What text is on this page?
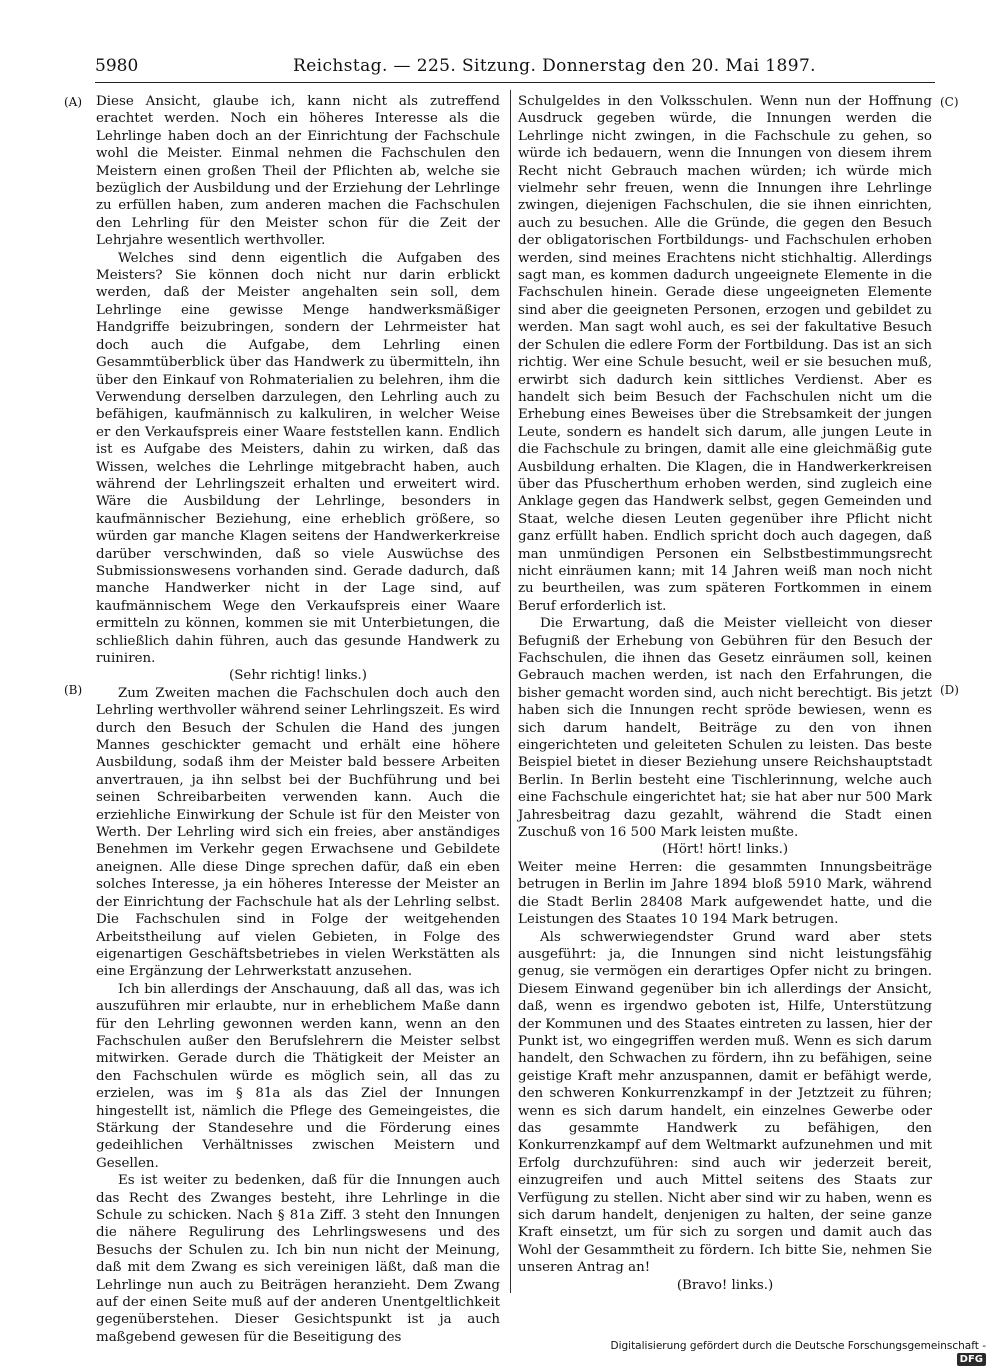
5980	Reichstag. — 225. Sitzung. Donnerstag den 20. Mai 1897.
(A)
(B)
(C)
(D)

Diese Ansicht, glaube ich, kann nicht als zutreffend erachtet werden. Noch ein höheres Interesse als die Lehrlinge haben doch an der Einrichtung der Fachschule wohl die Meister. Einmal nehmen die Fachschulen den Meistern einen großen Theil der Pflichten ab, welche sie bezüglich der Ausbildung und der Erziehung der Lehrlinge zu erfüllen haben, zum anderen machen die Fachschulen den Lehrling für den Meister schon für die Zeit der Lehrjahre wesentlich werthvoller.

Welches sind denn eigentlich die Aufgaben des Meisters? Sie können doch nicht nur darin erblickt werden, daß der Meister angehalten sein soll, dem Lehrlinge eine gewisse Menge handwerksmäßiger Handgriffe beizubringen, sondern der Lehrmeister hat doch auch die Aufgabe, dem Lehrling einen Gesammtüberblick über das Handwerk zu übermitteln, ihn über den Einkauf von Rohmaterialien zu belehren, ihm die Verwendung derselben darzulegen, den Lehrling auch zu befähigen, kaufmännisch zu kalkuliren, in welcher Weise er den Verkaufspreis einer Waare feststellen kann. Endlich ist es Aufgabe des Meisters, dahin zu wirken, daß das Wissen, welches die Lehrlinge mitgebracht haben, auch während der Lehrlingszeit erhalten und erweitert wird. Wäre die Ausbildung der Lehrlinge, besonders in kaufmännischer Beziehung, eine erheblich größere, so würden gar manche Klagen seitens der Handwerkerkreise darüber verschwinden, daß so viele Auswüchse des Submissionswesens vorhanden sind. Gerade dadurch, daß manche Handwerker nicht in der Lage sind, auf kaufmännischem Wege den Verkaufspreis einer Waare ermitteln zu können, kommen sie mit Unterbietungen, die schließlich dahin führen, auch das gesunde Handwerk zu ruiniren.

(Sehr richtig! links.)

Zum Zweiten machen die Fachschulen doch auch den Lehrling werthvoller während seiner Lehrlingszeit. Es wird durch den Besuch der Schulen die Hand des jungen Mannes geschickter gemacht und erhält eine höhere Ausbildung, sodaß ihm der Meister bald bessere Arbeiten anvertrauen, ja ihn selbst bei der Buchführung und bei seinen Schreibarbeiten verwenden kann. Auch die erziehliche Einwirkung der Schule ist für den Meister von Werth. Der Lehrling wird sich ein freies, aber anständiges Benehmen im Verkehr gegen Erwachsene und Gebildete aneignen. Alle diese Dinge sprechen dafür, daß ein eben solches Interesse, ja ein höheres Interesse der Meister an der Einrichtung der Fachschule hat als der Lehrling selbst. Die Fachschulen sind in Folge der weitgehenden Arbeitstheilung auf vielen Gebieten, in Folge des eigenartigen Geschäftsbetriebes in vielen Werkstätten als eine Ergänzung der Lehrwerkstatt anzusehen.

Ich bin allerdings der Anschauung, daß all das, was ich auszuführen mir erlaubte, nur in erheblichem Maße dann für den Lehrling gewonnen werden kann, wenn an den Fachschulen außer den Berufslehrern die Meister selbst mitwirken. Gerade durch die Thätigkeit der Meister an den Fachschulen würde es möglich sein, all das zu erzielen, was im § 81a als das Ziel der Innungen hingestellt ist, nämlich die Pflege des Gemeingeistes, die Stärkung der Standesehre und die Förderung eines gedeihlichen Verhältnisses zwischen Meistern und Gesellen.

Es ist weiter zu bedenken, daß für die Innungen auch das Recht des Zwanges besteht, ihre Lehrlinge in die Schule zu schicken. Nach § 81a Ziff. 3 steht den Innungen die nähere Regulirung des Lehrlingswesens und des Besuchs der Schulen zu. Ich bin nun nicht der Meinung, daß mit dem Zwang es sich vereinigen läßt, daß man die Lehrlinge nun auch zu Beiträgen heranzieht. Dem Zwang auf der einen Seite muß auf der anderen Unentgeltlichkeit gegenüberstehen. Dieser Gesichtspunkt ist ja auch maßgebend gewesen für die Beseitigung des

Schulgeldes in den Volksschulen. Wenn nun der Hoffnung Ausdruck gegeben würde, die Innungen werden die Lehrlinge nicht zwingen, in die Fachschule zu gehen, so würde ich bedauern, wenn die Innungen von diesem ihrem Recht nicht Gebrauch machen würden; ich würde mich vielmehr sehr freuen, wenn die Innungen ihre Lehrlinge zwingen, diejenigen Fachschulen, die sie ihnen einrichten, auch zu besuchen. Alle die Gründe, die gegen den Besuch der obligatorischen Fortbildungs- und Fachschulen erhoben werden, sind meines Erachtens nicht stichhaltig. Allerdings sagt man, es kommen dadurch ungeeignete Elemente in die Fachschulen hinein. Gerade diese ungeeigneten Elemente sind aber die geeigneten Personen, erzogen und gebildet zu werden. Man sagt wohl auch, es sei der fakultative Besuch der Schulen die edlere Form der Fortbildung. Das ist an sich richtig. Wer eine Schule besucht, weil er sie besuchen muß, erwirbt sich dadurch kein sittliches Verdienst. Aber es handelt sich beim Besuch der Fachschulen nicht um die Erhebung eines Beweises über die Strebsamkeit der jungen Leute, sondern es handelt sich darum, alle jungen Leute in die Fachschule zu bringen, damit alle eine gleichmäßig gute Ausbildung erhalten. Die Klagen, die in Handwerkerkreisen über das Pfuscherthum erhoben werden, sind zugleich eine Anklage gegen das Handwerk selbst, gegen Gemeinden und Staat, welche diesen Leuten gegenüber ihre Pflicht nicht ganz erfüllt haben. Endlich spricht doch auch dagegen, daß man unmündigen Personen ein Selbstbestimmungsrecht nicht einräumen kann; mit 14 Jahren weiß man noch nicht zu beurtheilen, was zum späteren Fortkommen in einem Beruf erforderlich ist.

Die Erwartung, daß die Meister vielleicht von dieser Befugniß der Erhebung von Gebühren für den Besuch der Fachschulen, die ihnen das Gesetz einräumen soll, keinen Gebrauch machen werden, ist nach den Erfahrungen, die bisher gemacht worden sind, auch nicht berechtigt. Bis jetzt haben sich die Innungen recht spröde bewiesen, wenn es sich darum handelt, Beiträge zu den von ihnen eingerichteten und geleiteten Schulen zu leisten. Das beste Beispiel bietet in dieser Beziehung unsere Reichshauptstadt Berlin. In Berlin besteht eine Tischlerinnung, welche auch eine Fachschule eingerichtet hat; sie hat aber nur 500 Mark Jahresbeitrag dazu gezahlt, während die Stadt einen Zuschuß von 16 500 Mark leisten mußte.

(Hört! hört! links.)

Weiter meine Herren: die gesammten Innungsbeiträge betrugen in Berlin im Jahre 1894 bloß 5910 Mark, während die Stadt Berlin 28408 Mark aufgewendet hatte, und die Leistungen des Staates 10 194 Mark betrugen.

Als schwerwiegendster Grund ward aber stets ausgeführt: ja, die Innungen sind nicht leistungsfähig genug, sie vermögen ein derartiges Opfer nicht zu bringen. Diesem Einwand gegenüber bin ich allerdings der Ansicht, daß, wenn es irgendwo geboten ist, Hilfe, Unterstützung der Kommunen und des Staates eintreten zu lassen, hier der Punkt ist, wo eingegriffen werden muß. Wenn es sich darum handelt, den Schwachen zu fördern, ihn zu befähigen, seine geistige Kraft mehr anzuspannen, damit er befähigt werde, den schweren Konkurrenzkampf in der Jetztzeit zu führen; wenn es sich darum handelt, ein einzelnes Gewerbe oder das gesammte Handwerk zu befähigen, den Konkurrenzkampf auf dem Weltmarkt aufzunehmen und mit Erfolg durchzuführen: sind auch wir jederzeit bereit, einzugreifen und auch Mittel seitens des Staats zur Verfügung zu stellen. Nicht aber sind wir zu haben, wenn es sich darum handelt, denjenigen zu halten, der seine ganze Kraft einsetzt, um für sich zu sorgen und damit auch das Wohl der Gesammtheit zu fördern. Ich bitte Sie, nehmen Sie unseren Antrag an!

(Bravo! links.)

Digitalisierung gefördert durch die Deutsche Forschungsgemeinschaft - DFG
